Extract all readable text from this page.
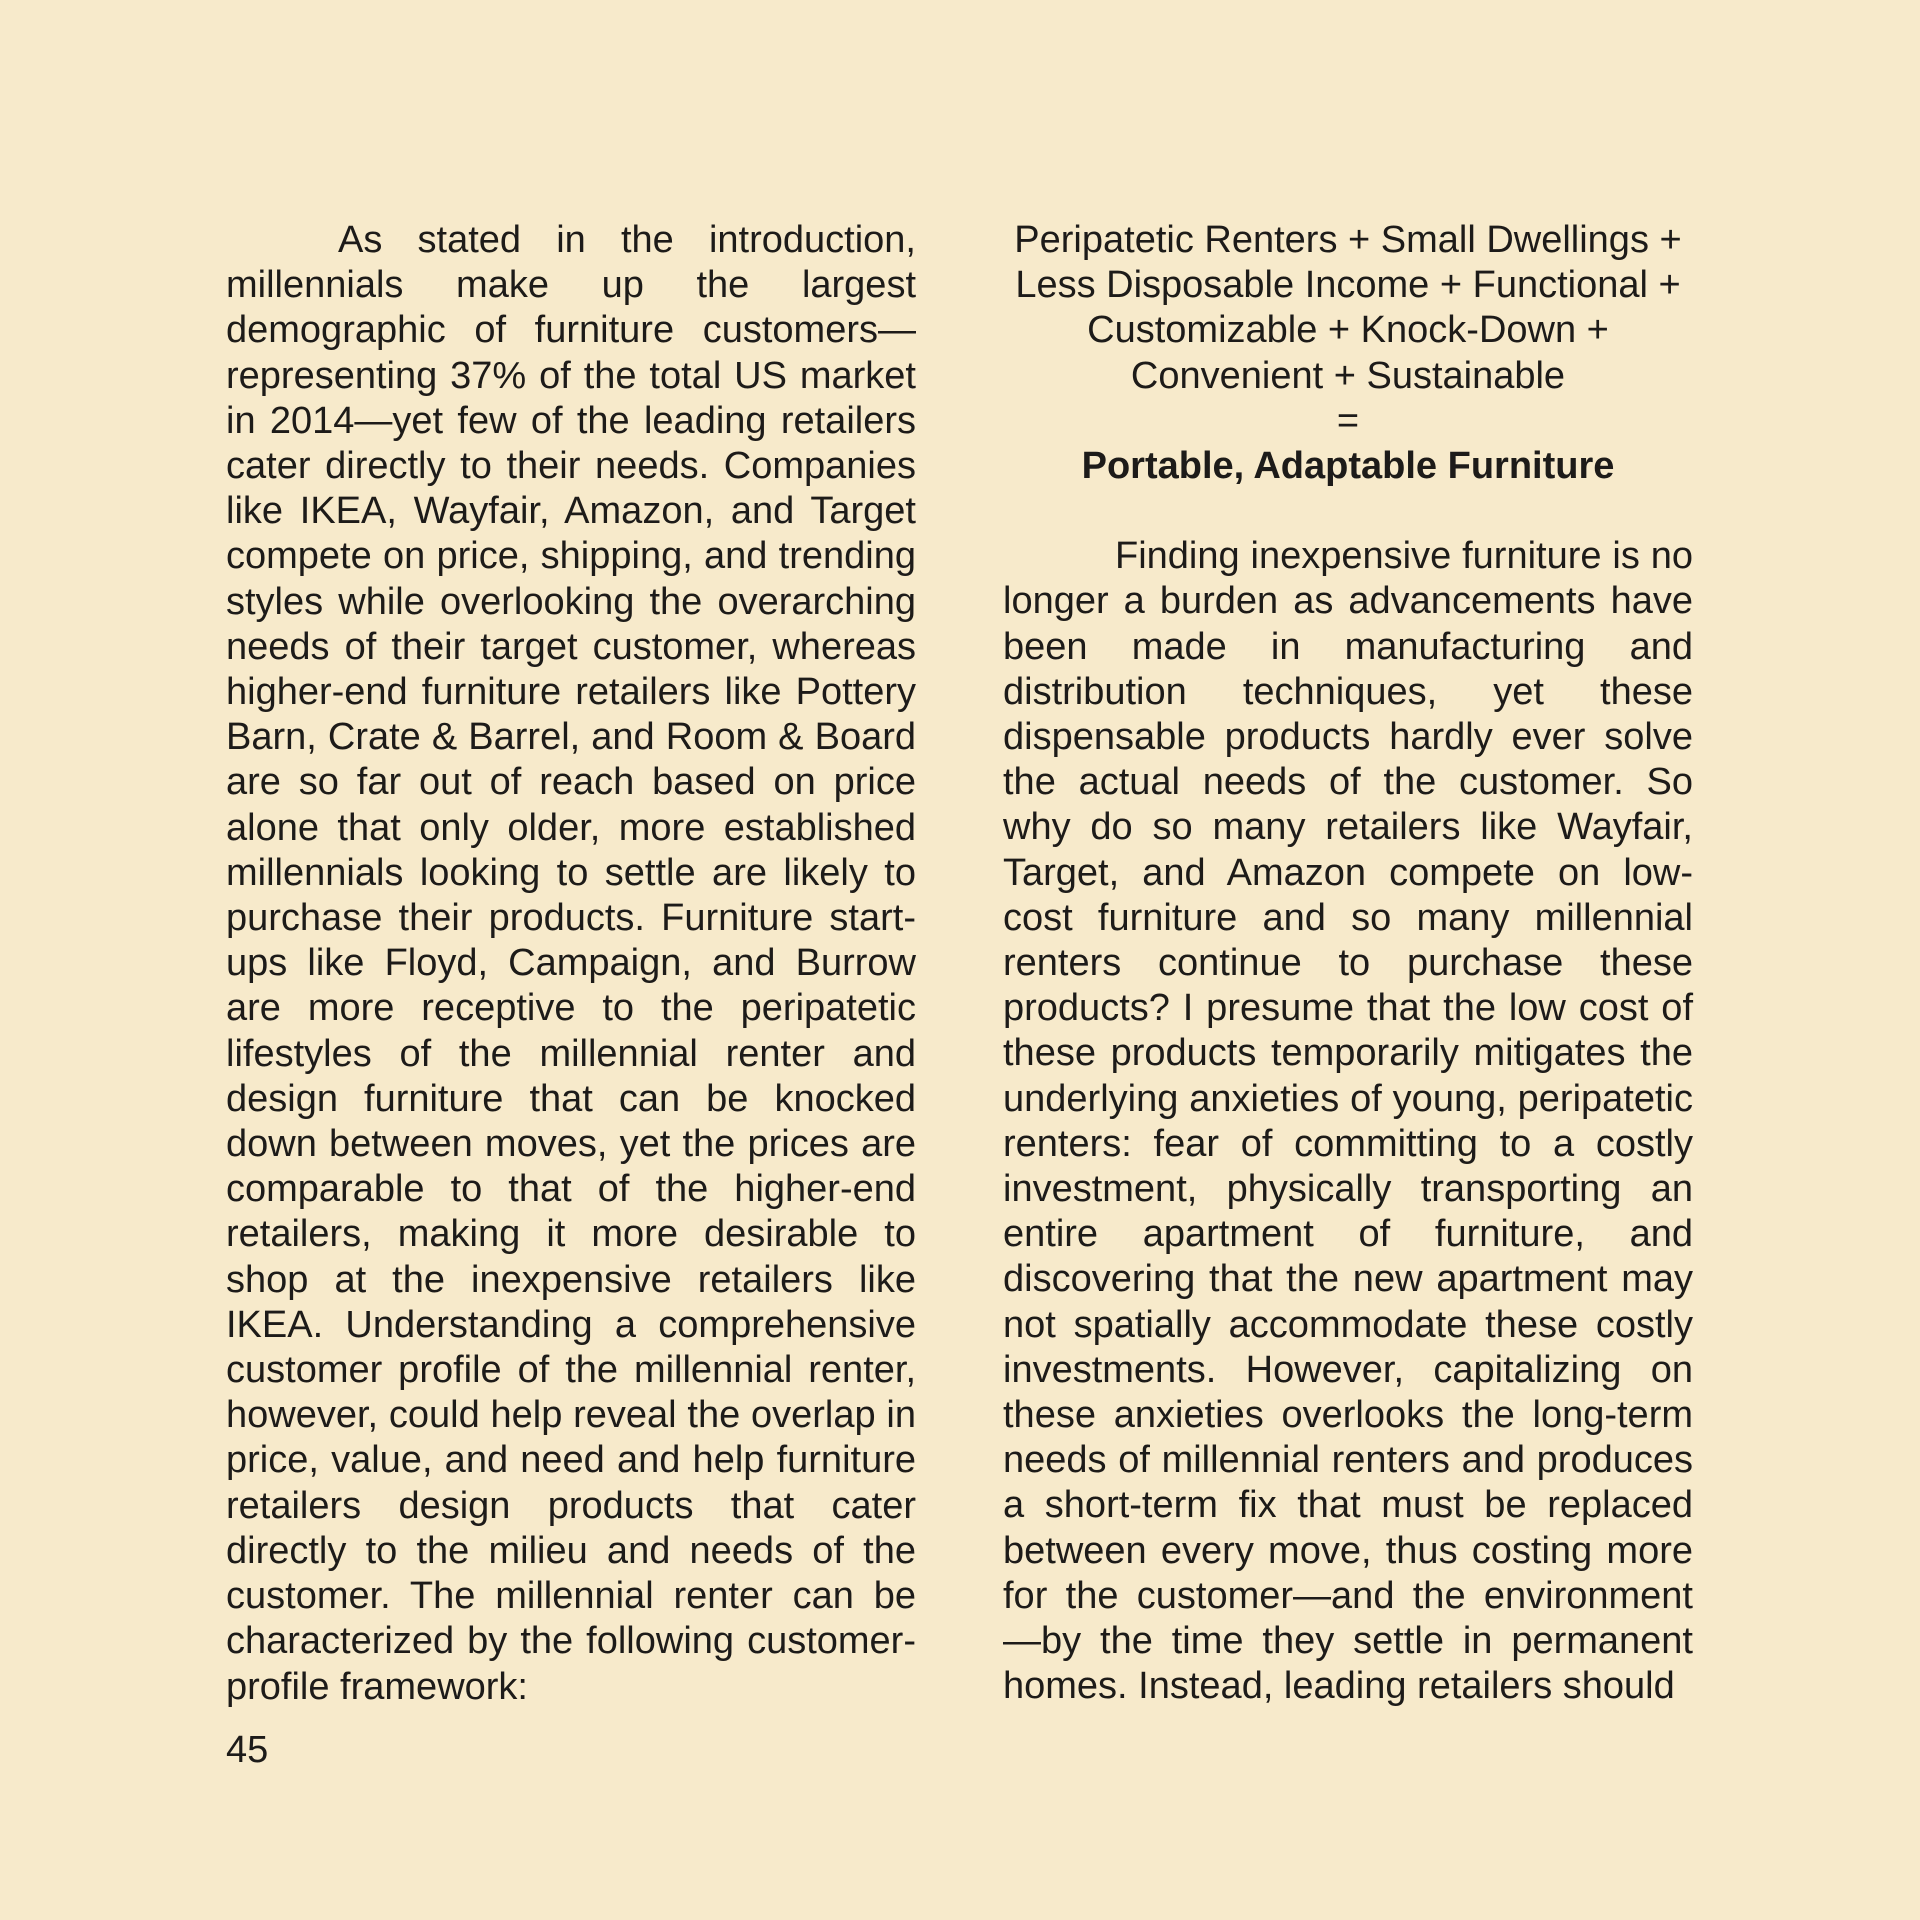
As stated in the introduction, millennials make up the largest demographic of furniture customers—representing 37% of the total US market in 2014—yet few of the leading retailers cater directly to their needs. Companies like IKEA, Wayfair, Amazon, and Target compete on price, shipping, and trending styles while overlooking the overarching needs of their target customer, whereas higher-end furniture retailers like Pottery Barn, Crate & Barrel, and Room & Board are so far out of reach based on price alone that only older, more established millennials looking to settle are likely to purchase their products. Furniture start-ups like Floyd, Campaign, and Burrow are more receptive to the peripatetic lifestyles of the millennial renter and design furniture that can be knocked down between moves, yet the prices are comparable to that of the higher-end retailers, making it more desirable to shop at the inexpensive retailers like IKEA. Understanding a comprehensive customer profile of the millennial renter, however, could help reveal the overlap in price, value, and need and help furniture retailers design products that cater directly to the milieu and needs of the customer. The millennial renter can be characterized by the following customer-profile framework:

Peripatetic Renters + Small Dwellings +
Less Disposable Income + Functional +
Customizable + Knock-Down +
Convenient + Sustainable
=
Portable, Adaptable Furniture

Finding inexpensive furniture is no longer a burden as advancements have been made in manufacturing and distribution techniques, yet these dispensable products hardly ever solve the actual needs of the customer. So why do so many retailers like Wayfair, Target, and Amazon compete on low-cost furniture and so many millennial renters continue to purchase these products? I presume that the low cost of these products temporarily mitigates the underlying anxieties of young, peripatetic renters: fear of committing to a costly investment, physically transporting an entire apartment of furniture, and discovering that the new apartment may not spatially accommodate these costly investments. However, capitalizing on these anxieties overlooks the long-term needs of millennial renters and produces a short-term fix that must be replaced between every move, thus costing more for the customer—and the environment—by the time they settle in permanent homes. Instead, leading retailers should

45
